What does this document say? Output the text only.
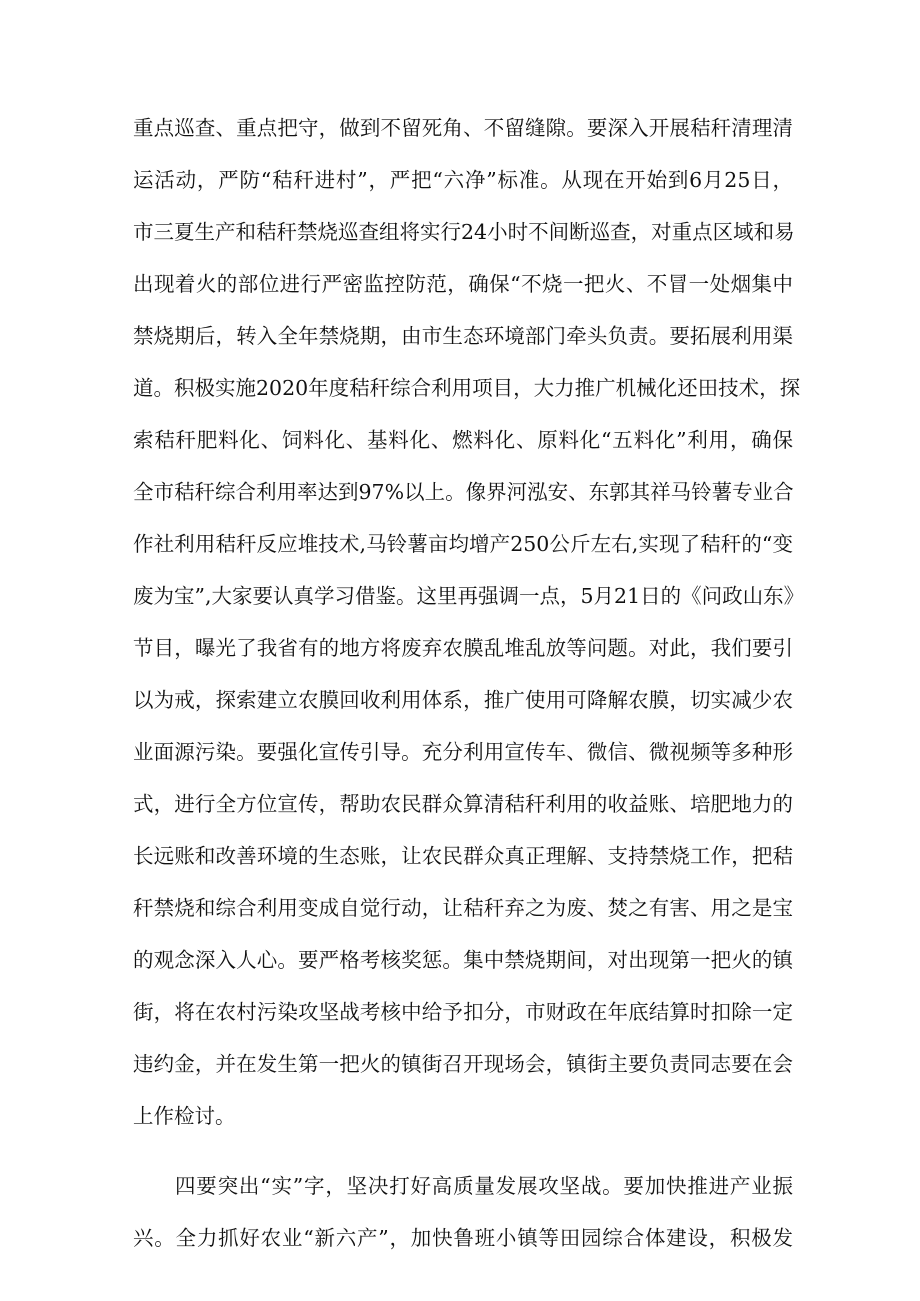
重点巡查、重点把守，做到不留死角、不留缝隙。要深入开展秸秆清理清
运活动，严防“秸秆进村”，严把“六净”标准。从现在开始到6月25日，
市三夏生产和秸秆禁烧巡查组将实行24小时不间断巡查，对重点区域和易
出现着火的部位进行严密监控防范，确保“不烧一把火、不冒一处烟集中
禁烧期后，转入全年禁烧期，由市生态环境部门牵头负责。要拓展利用渠
道。积极实施2020年度秸秆综合利用项目，大力推广机械化还田技术，探
索秸秆肥料化、饲料化、基料化、燃料化、原料化“五料化”利用，确保
全市秸秆综合利用率达到97%以上。像界河泓安、东郭其祥马铃薯专业合
作社利用秸秆反应堆技术,马铃薯亩均增产250公斤左右,实现了秸秆的“变
废为宝”,大家要认真学习借鉴。这里再强调一点，5月21日的《问政山东》
节目，曝光了我省有的地方将废弃农膜乱堆乱放等问题。对此，我们要引
以为戒，探索建立农膜回收利用体系，推广使用可降解农膜，切实减少农
业面源污染。要强化宣传引导。充分利用宣传车、微信、微视频等多种形
式，进行全方位宣传，帮助农民群众算清秸秆利用的收益账、培肥地力的
长远账和改善环境的生态账，让农民群众真正理解、支持禁烧工作，把秸
秆禁烧和综合利用变成自觉行动，让秸秆弃之为废、焚之有害、用之是宝
的观念深入人心。要严格考核奖惩。集中禁烧期间，对出现第一把火的镇
街，将在农村污染攻坚战考核中给予扣分，市财政在年底结算时扣除一定
违约金，并在发生第一把火的镇街召开现场会，镇街主要负责同志要在会
上作检讨。
四要突出“实”字，坚决打好高质量发展攻坚战。要加快推进产业振
兴。全力抓好农业“新六产”，加快鲁班小镇等田园综合体建设，积极发
